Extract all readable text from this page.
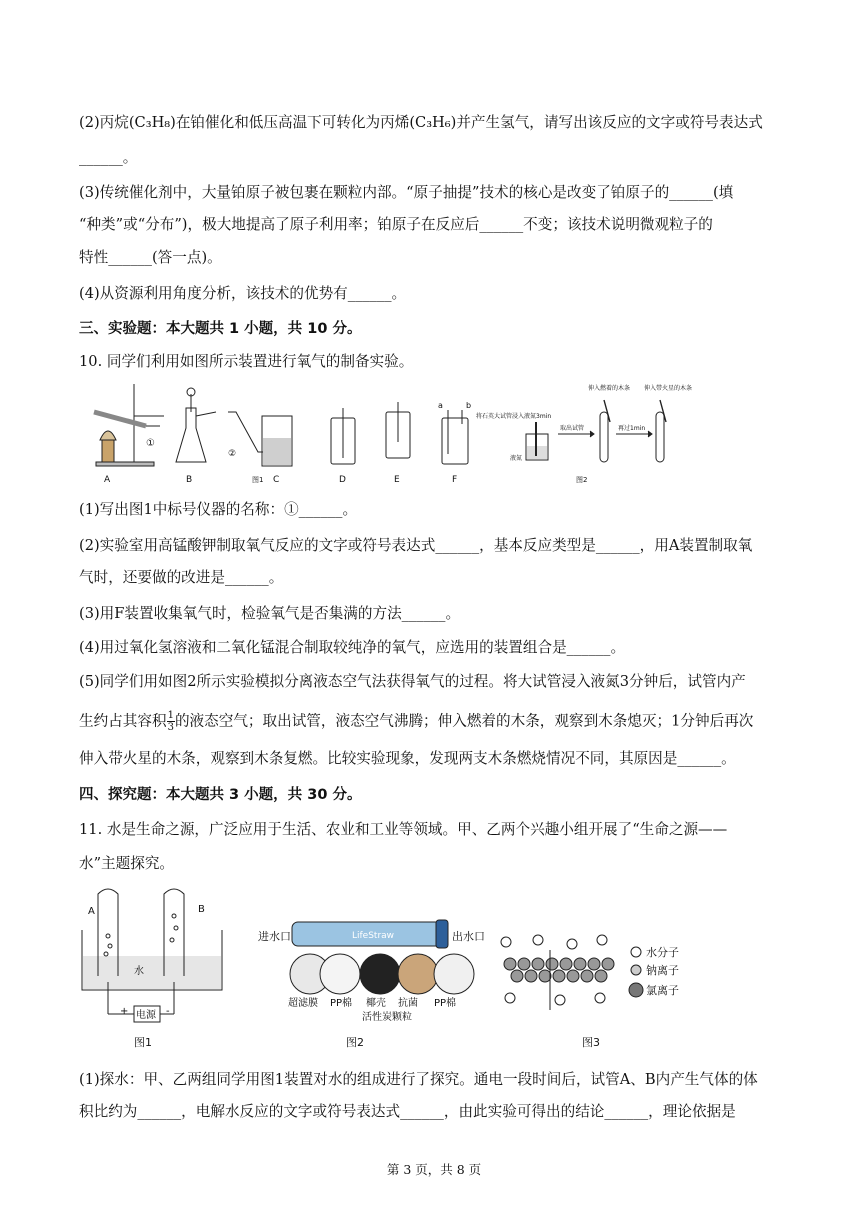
(2)丙烷(C₃H₈)在铂催化和低压高温下可转化为丙烯(C₃H₆)并产生氢气，请写出该反应的文字或符号表达式
______。
(3)传统催化剂中，大量铂原子被包裹在颗粒内部。“原子抽提”技术的核心是改变了铂原子的______(填
“种类”或“分布”)，极大地提高了原子利用率；铂原子在反应后______不变；该技术说明微观粒子的
特性______(答一点)。
(4)从资源利用角度分析，该技术的优势有______。
三、实验题：本大题共 1 小题，共 10 分。
10. 同学们利用如图所示装置进行氧气的制备实验。
A
①
B
②
C
图1	D	E
a	b
F
将石英大试管浸入液氮3min
液氮
取出试管
伸入燃着的木条
再过1min
伸入带火星的木条
图2
(1)写出图1中标号仪器的名称：①______。
(2)实验室用高锰酸钾制取氧气反应的文字或符号表达式______，基本反应类型是______，用A装置制取氧
气时，还要做的改进是______。
(3)用F装置收集氧气时，检验氧气是否集满的方法______。
(4)用过氧化氢溶液和二氧化锰混合制取较纯净的氧气，应选用的装置组合是______。
(5)同学们用如图2所示实验模拟分离液态空气法获得氧气的过程。将大试管浸入液氮3分钟后，试管内产
生约占其容积 $\frac{1}{3}$ 的液态空气；取出试管，液态空气沸腾；伸入燃着的木条，观察到木条熄灭；1分钟后再次
伸入带火星的木条，观察到木条复燃。比较实验现象，发现两支木条燃烧情况不同，其原因是______。
四、探究题：本大题共 3 小题，共 30 分。
11. 水是生命之源，广泛应用于生活、农业和工业等领域。甲、乙两个兴趣小组开展了“生命之源——
水”主题探究。
电源
+	-
水
A	B
图1
LifeStraw
进水口	出水口
超滤膜 PP棉 椰壳 抗菌 PP棉
活性炭颗粒
图2
水分子
钠离子
氯离子
图3
(1)探水：甲、乙两组同学用图1装置对水的组成进行了探究。通电一段时间后，试管A、B内产生气体的体
积比约为______，电解水反应的文字或符号表达式______，由此实验可得出的结论______，理论依据是
第 3 页，共 8 页
